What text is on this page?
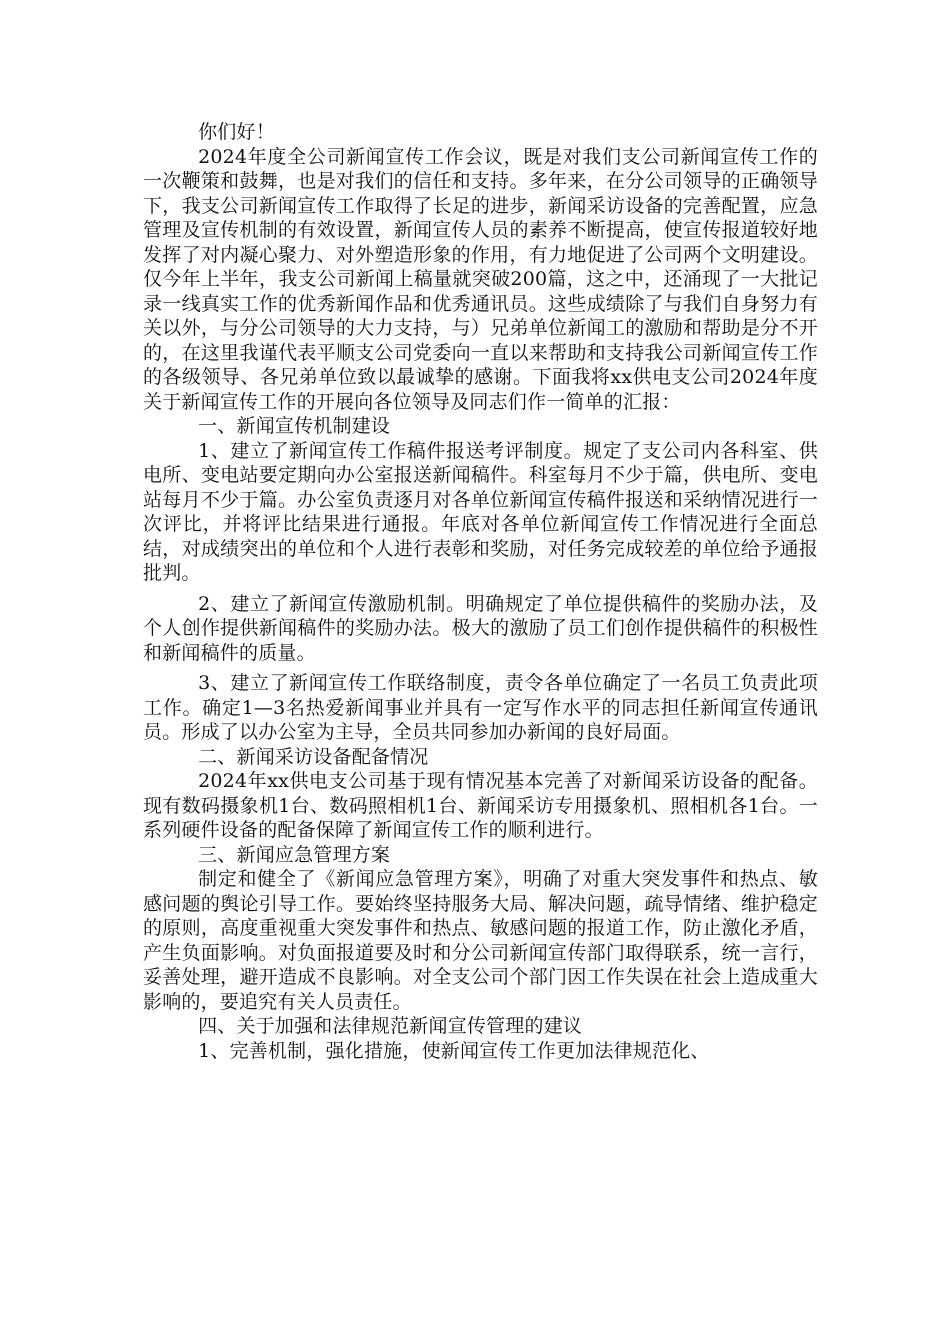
你们好！

2024年度全公司新闻宣传工作会议，既是对我们支公司新闻宣传工作的一次鞭策和鼓舞，也是对我们的信任和支持。多年来，在分公司领导的正确领导下，我支公司新闻宣传工作取得了长足的进步，新闻采访设备的完善配置，应急管理及宣传机制的有效设置，新闻宣传人员的素养不断提高，使宣传报道较好地发挥了对内凝心聚力、对外塑造形象的作用，有力地促进了公司两个文明建设。仅今年上半年，我支公司新闻上稿量就突破200篇，这之中，还涌现了一大批记录一线真实工作的优秀新闻作品和优秀通讯员。这些成绩除了与我们自身努力有关以外，与分公司领导的大力支持，与）兄弟单位新闻工的激励和帮助是分不开的，在这里我谨代表平顺支公司党委向一直以来帮助和支持我公司新闻宣传工作的各级领导、各兄弟单位致以最诚挚的感谢。下面我将xx供电支公司2024年度关于新闻宣传工作的开展向各位领导及同志们作一简单的汇报：

一、新闻宣传机制建设

1、建立了新闻宣传工作稿件报送考评制度。规定了支公司内各科室、供电所、变电站要定期向办公室报送新闻稿件。科室每月不少于篇，供电所、变电站每月不少于篇。办公室负责逐月对各单位新闻宣传稿件报送和采纳情况进行一次评比，并将评比结果进行通报。年底对各单位新闻宣传工作情况进行全面总结，对成绩突出的单位和个人进行表彰和奖励，对任务完成较差的单位给予通报批判。

2、建立了新闻宣传激励机制。明确规定了单位提供稿件的奖励办法，及个人创作提供新闻稿件的奖励办法。极大的激励了员工们创作提供稿件的积极性和新闻稿件的质量。

3、建立了新闻宣传工作联络制度，责令各单位确定了一名员工负责此项工作。确定1—3名热爱新闻事业并具有一定写作水平的同志担任新闻宣传通讯员。形成了以办公室为主导，全员共同参加办新闻的良好局面。

二、新闻采访设备配备情况

2024年xx供电支公司基于现有情况基本完善了对新闻采访设备的配备。现有数码摄象机1台、数码照相机1台、新闻采访专用摄象机、照相机各1台。一系列硬件设备的配备保障了新闻宣传工作的顺利进行。

三、新闻应急管理方案

制定和健全了《新闻应急管理方案》，明确了对重大突发事件和热点、敏感问题的舆论引导工作。要始终坚持服务大局、解决问题，疏导情绪、维护稳定的原则，高度重视重大突发事件和热点、敏感问题的报道工作，防止激化矛盾，产生负面影响。对负面报道要及时和分公司新闻宣传部门取得联系，统一言行，妥善处理，避开造成不良影响。对全支公司个部门因工作失误在社会上造成重大影响的，要追究有关人员责任。

四、关于加强和法律规范新闻宣传管理的建议

1、完善机制，强化措施，使新闻宣传工作更加法律规范化、
